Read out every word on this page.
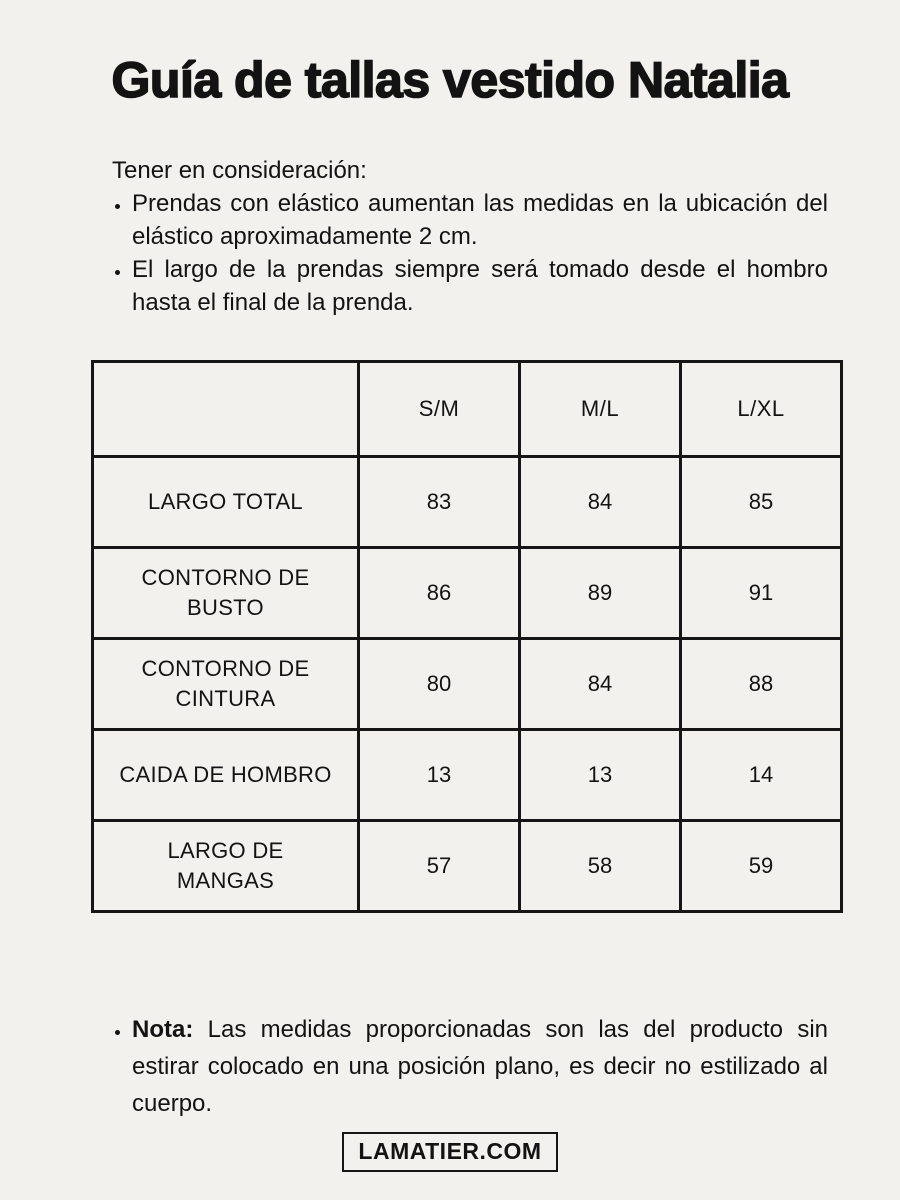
Guía de tallas vestido Natalia

Tener en consideración:

• Prendas con elástico aumentan las medidas en la ubicación del elástico aproximadamente 2 cm.
• El largo de la prendas siempre será tomado desde el hombro hasta el final de la prenda.
	S/M	M/L	L/XL
LARGO TOTAL	83	84	85
CONTORNO DE BUSTO	86	89	91
CONTORNO DE CINTURA	80	84	88
CAIDA DE HOMBRO	13	13	14
LARGO DE MANGAS	57	58	59
• Nota: Las medidas proporcionadas son las del producto sin estirar colocado en una posición plano, es decir no estilizado al cuerpo.
LAMATIER.COM
